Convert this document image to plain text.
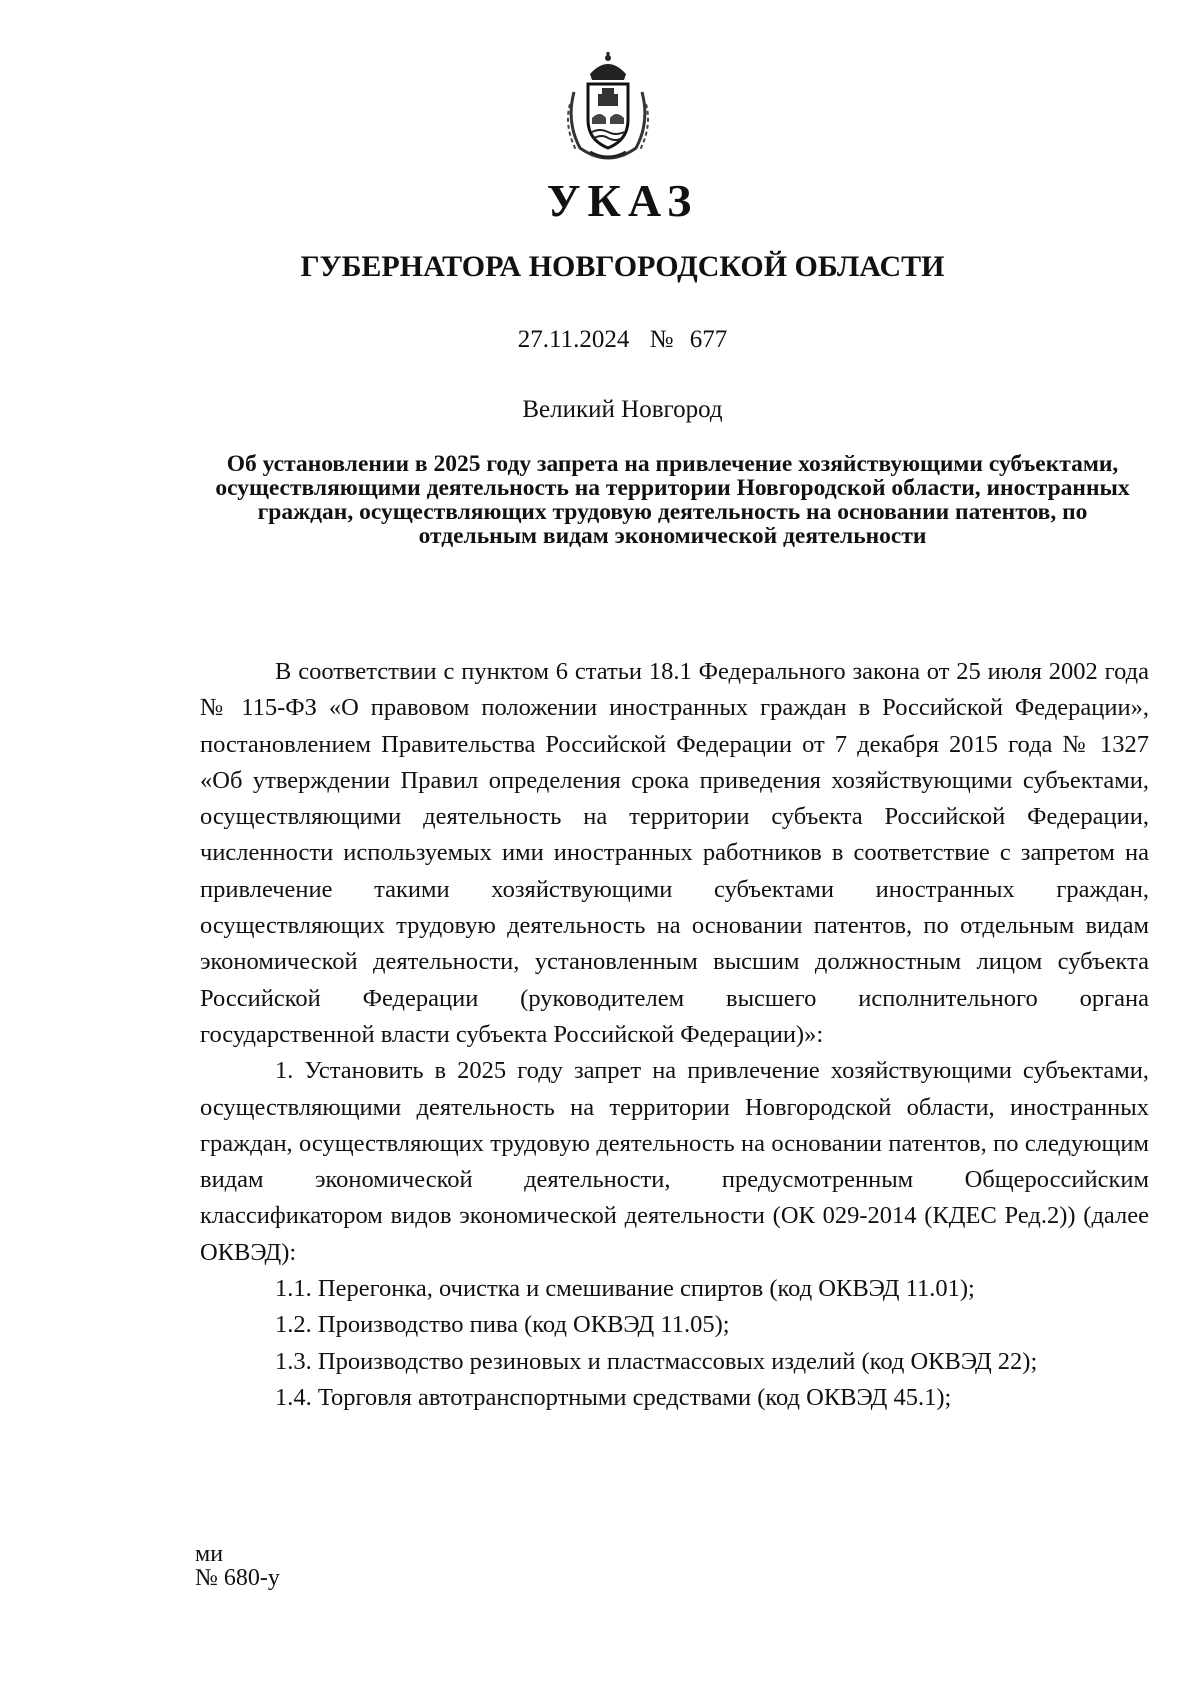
УКАЗ
ГУБЕРНАТОРА НОВГОРОДСКОЙ ОБЛАСТИ
27.11.2024 № 677
Великий Новгород
Об установлении в 2025 году запрета на привлечение хозяйствующими субъектами, осуществляющими деятельность на территории Новгородской области, иностранных граждан, осуществляющих трудовую деятельность на основании патентов, по отдельным видам экономической деятельности

В соответствии с пунктом 6 статьи 18.1 Федерального закона от 25 июля 2002 года № 115-ФЗ «О правовом положении иностранных граждан в Российской Федерации», постановлением Правительства Российской Федерации от 7 декабря 2015 года № 1327 «Об утверждении Правил определения срока приведения хозяйствующими субъектами, осуществляющими деятельность на территории субъекта Российской Федерации, численности используемых ими иностранных работников в соответствие с запретом на привлечение такими хозяйствующими субъектами иностранных граждан, осуществляющих трудовую деятельность на основании патентов, по отдельным видам экономической деятельности, установленным высшим должностным лицом субъекта Российской Федерации (руководителем высшего исполнительного органа государственной власти субъекта Российской Федерации)»:

1. Установить в 2025 году запрет на привлечение хозяйствующими субъектами, осуществляющими деятельность на территории Новгородской области, иностранных граждан, осуществляющих трудовую деятельность на основании патентов, по следующим видам экономической деятельности, предусмотренным Общероссийским классификатором видов экономической деятельности (ОК 029-2014 (КДЕС Ред.2)) (далее ОКВЭД):

1.1. Перегонка, очистка и смешивание спиртов (код ОКВЭД 11.01);

1.2. Производство пива (код ОКВЭД 11.05);

1.3. Производство резиновых и пластмассовых изделий (код ОКВЭД 22);

1.4. Торговля автотранспортными средствами (код ОКВЭД 45.1);

ми
№ 680-у
